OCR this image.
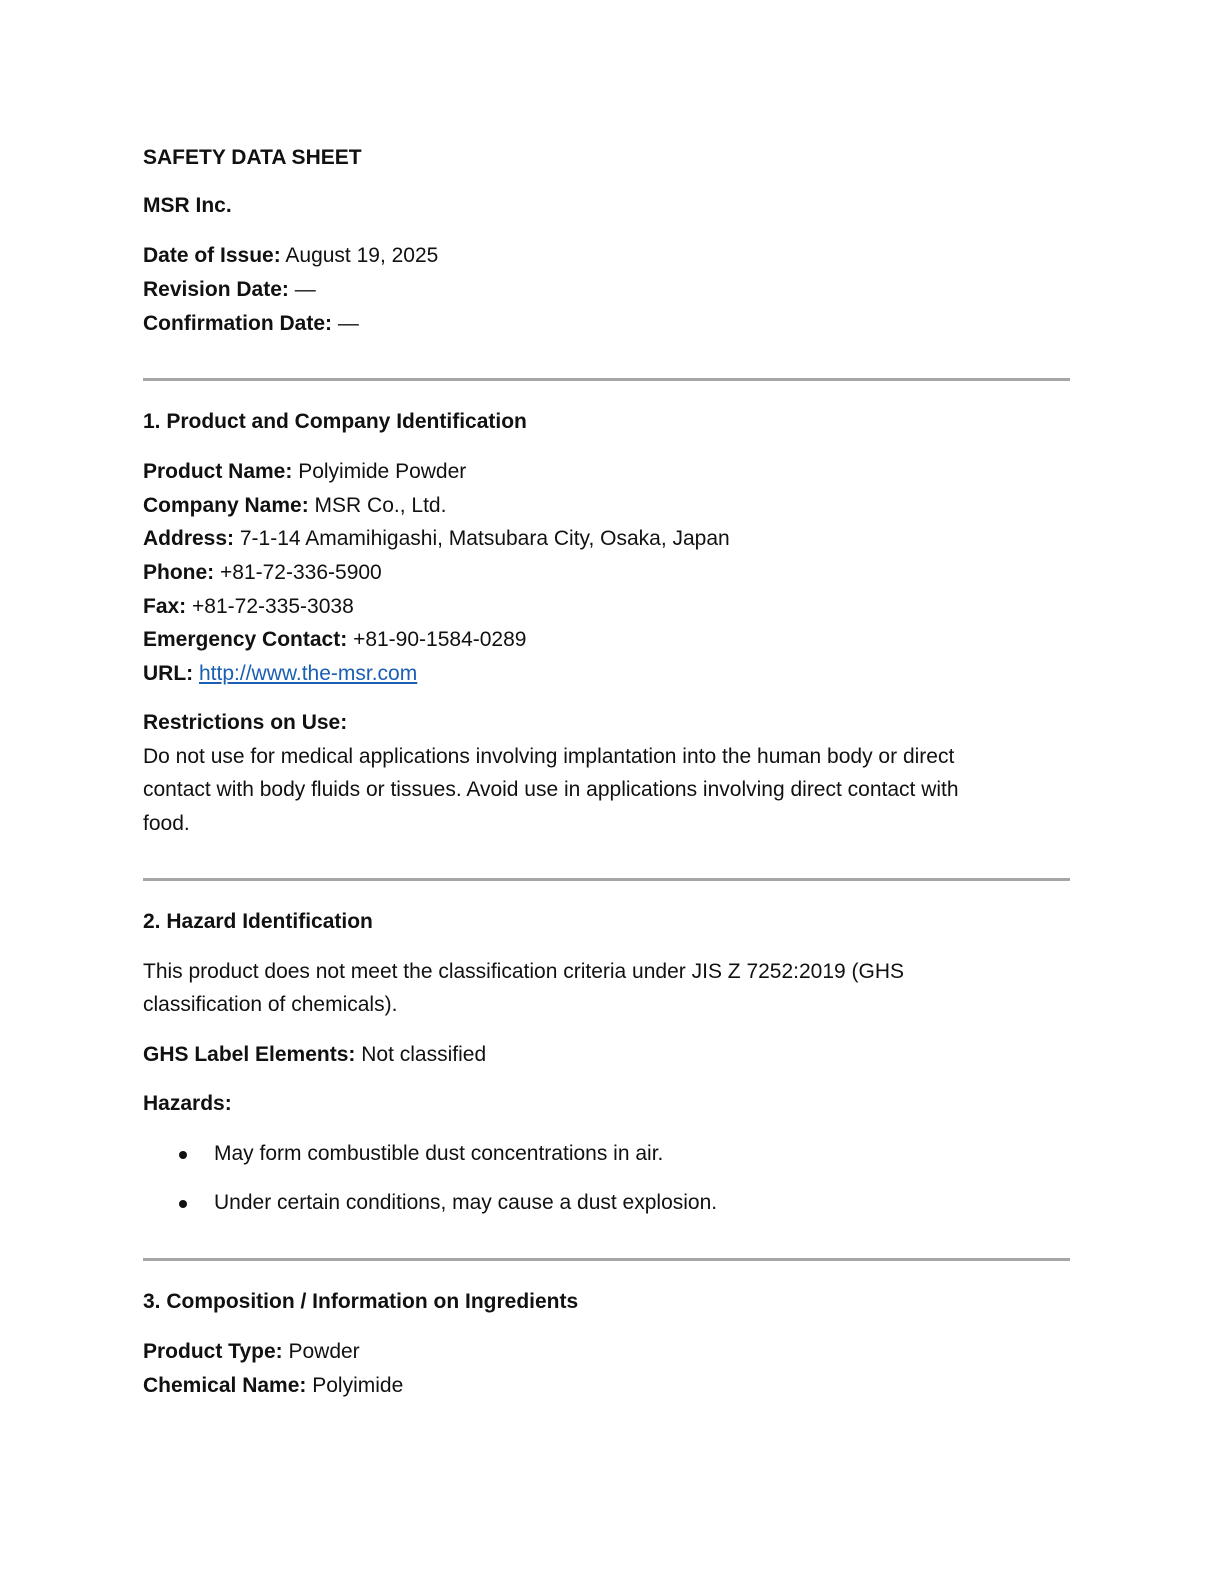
SAFETY DATA SHEET
MSR Inc.
Date of Issue: August 19, 2025
Revision Date: —
Confirmation Date: —
1. Product and Company Identification
Product Name: Polyimide Powder
Company Name: MSR Co., Ltd.
Address: 7-1-14 Amamihigashi, Matsubara City, Osaka, Japan
Phone: +81-72-336-5900
Fax: +81-72-335-3038
Emergency Contact: +81-90-1584-0289
URL: http://www.the-msr.com
Restrictions on Use:
Do not use for medical applications involving implantation into the human body or direct
contact with body fluids or tissues. Avoid use in applications involving direct contact with
food.
2. Hazard Identification
This product does not meet the classification criteria under JIS Z 7252:2019 (GHS
classification of chemicals).
GHS Label Elements: Not classified
Hazards:
May form combustible dust concentrations in air.
Under certain conditions, may cause a dust explosion.
3. Composition / Information on Ingredients
Product Type: Powder
Chemical Name: Polyimide
